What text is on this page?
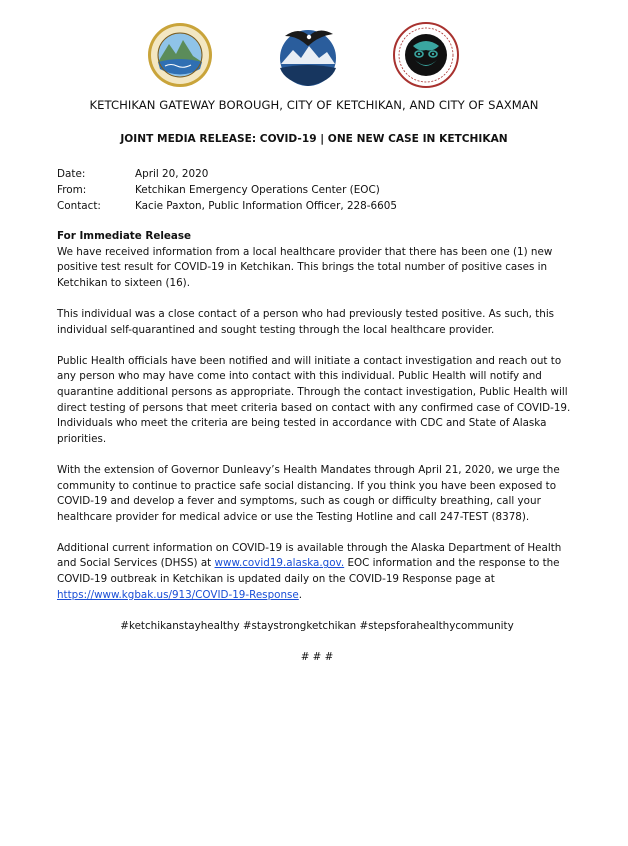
KETCHIKAN GATEWAY BOROUGH, CITY OF KETCHIKAN, AND CITY OF SAXMAN
JOINT MEDIA RELEASE: COVID-19 | ONE NEW CASE IN KETCHIKAN
Date:	April 20, 2020
From:	Ketchikan Emergency Operations Center (EOC)
Contact:	Kacie Paxton, Public Information Officer, 228-6605

For Immediate Release
We have received information from a local healthcare provider that there has been one (1) new positive test result for COVID-19 in Ketchikan. This brings the total number of positive cases in Ketchikan to sixteen (16).

This individual was a close contact of a person who had previously tested positive. As such, this individual self-quarantined and sought testing through the local healthcare provider.

Public Health officials have been notified and will initiate a contact investigation and reach out to any person who may have come into contact with this individual. Public Health will notify and quarantine additional persons as appropriate. Through the contact investigation, Public Health will direct testing of persons that meet criteria based on contact with any confirmed case of COVID-19. Individuals who meet the criteria are being tested in accordance with CDC and State of Alaska priorities.

With the extension of Governor Dunleavy’s Health Mandates through April 21, 2020, we urge the community to continue to practice safe social distancing. If you think you have been exposed to COVID-19 and develop a fever and symptoms, such as cough or difficulty breathing, call your healthcare provider for medical advice or use the Testing Hotline and call 247-TEST (8378).

Additional current information on COVID-19 is available through the Alaska Department of Health and Social Services (DHSS) at www.covid19.alaska.gov. EOC information and the response to the COVID-19 outbreak in Ketchikan is updated daily on the COVID-19 Response page at https://www.kgbak.us/913/COVID-19-Response.

#ketchikanstayhealthy #staystrongketchikan #stepsforahealthycommunity

# # #
